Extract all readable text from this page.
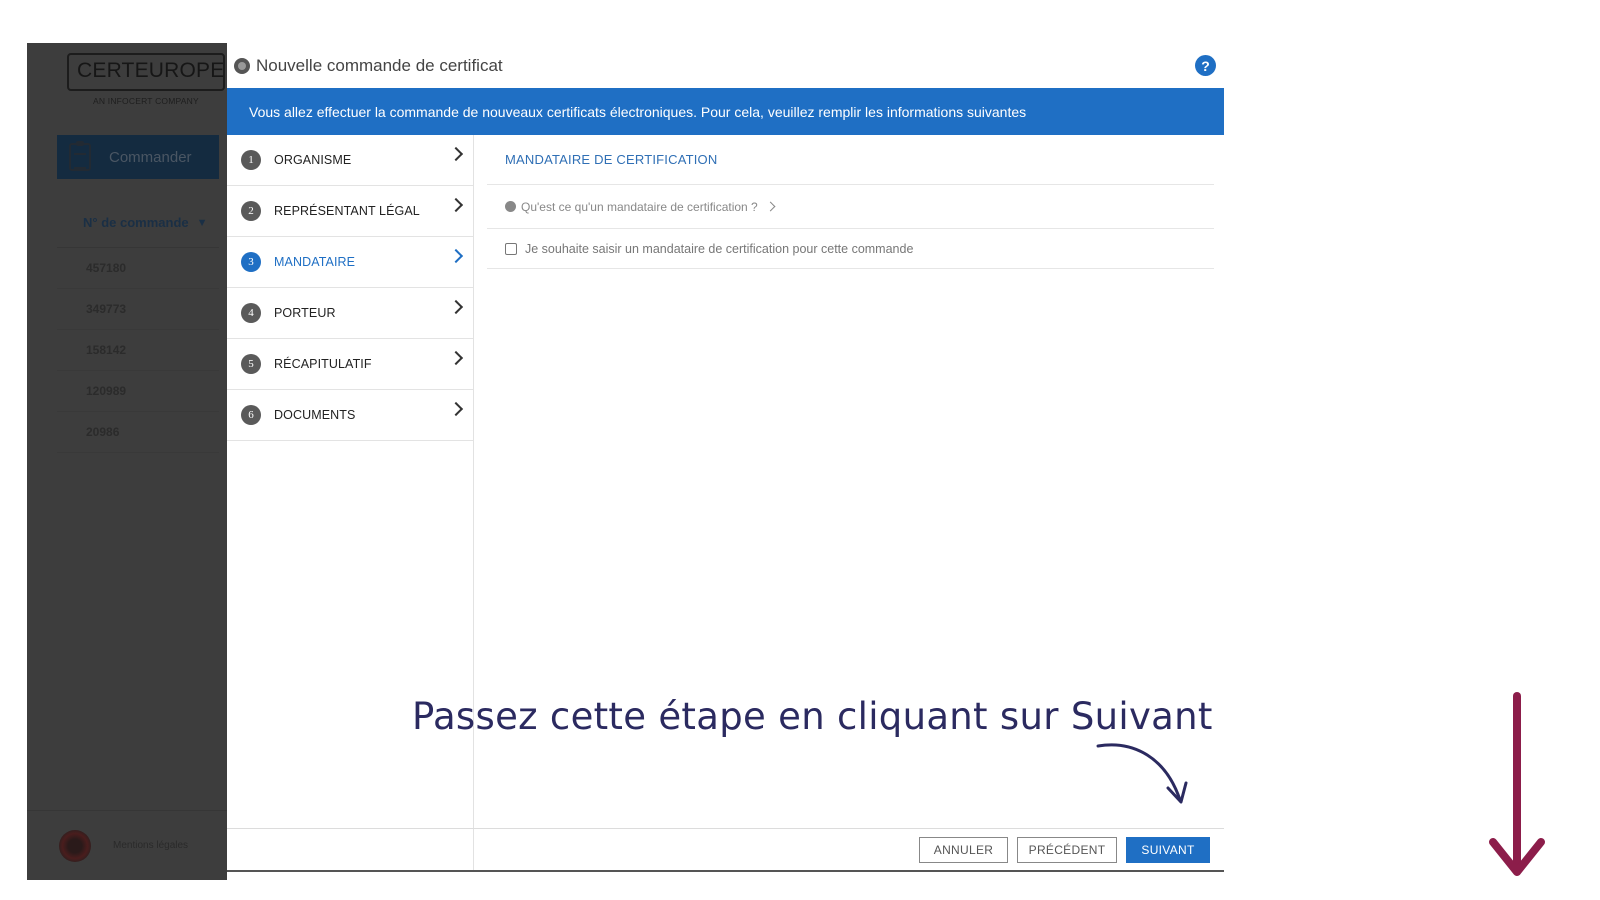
CERTEUROPE
AN INFOCERT COMPANY
Commander
N° de commande ▼
457180
349773
158142
120989
20986
Mentions légales
Nouvelle commande de certificat	?
Vous allez effectuer la commande de nouveaux certificats électroniques. Pour cela, veuillez remplir les informations suivantes
1	ORGANISME
2	REPRÉSENTANT LÉGAL
3	MANDATAIRE
4	PORTEUR
5	RÉCAPITULATIF
6	DOCUMENTS
MANDATAIRE DE CERTIFICATION
Qu'est ce qu'un mandataire de certification ?
Je souhaite saisir un mandataire de certification pour cette commande
ANNULER	PRÉCÉDENT	SUIVANT
Passez cette étape en cliquant sur Suivant
